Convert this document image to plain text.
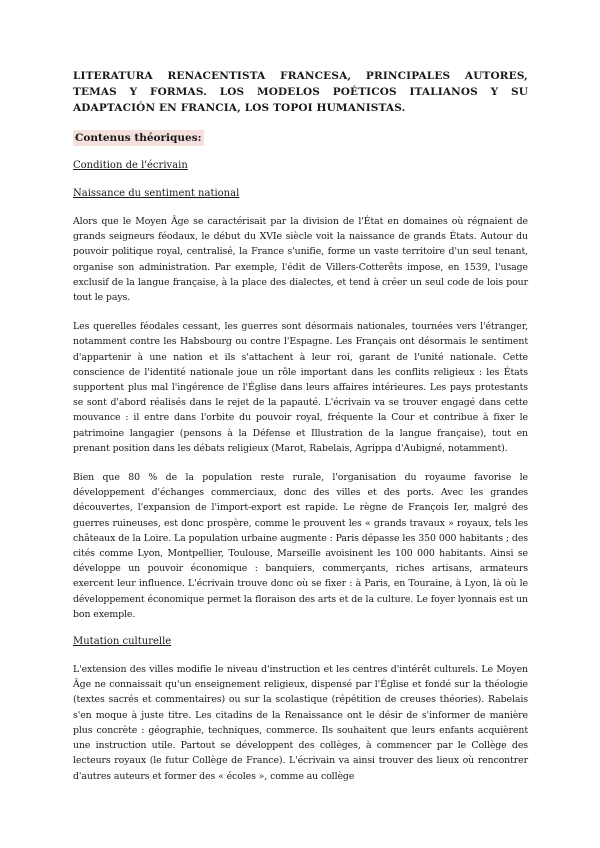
LITERATURA RENACENTISTA FRANCESA, PRINCIPALES AUTORES, TEMAS Y FORMAS. LOS MODELOS POÉTICOS ITALIANOS Y SU ADAPTACIÓN EN FRANCIA, LOS TOPOI HUMANISTAS.
Contenus théoriques:
Condition de l'écrivain
Naissance du sentiment national
Alors que le Moyen Âge se caractérisait par la division de l'État en domaines où régnaient de grands seigneurs féodaux, le début du XVIe siècle voit la naissance de grands États. Autour du pouvoir politique royal, centralisé, la France s'unifie, forme un vaste territoire d'un seul tenant, organise son administration. Par exemple, l'édit de Villers-Cotterêts impose, en 1539, l'usage exclusif de la langue française, à la place des dialectes, et tend à créer un seul code de lois pour tout le pays.
Les querelles féodales cessant, les guerres sont désormais nationales, tournées vers l'étranger, notamment contre les Habsbourg ou contre l'Espagne. Les Français ont désormais le sentiment d'appartenir à une nation et ils s'attachent à leur roi, garant de l'unité nationale. Cette conscience de l'identité nationale joue un rôle important dans les conflits religieux : les États supportent plus mal l'ingérence de l'Église dans leurs affaires intérieures. Les pays protestants se sont d'abord réalisés dans le rejet de la papauté. L'écrivain va se trouver engagé dans cette mouvance : il entre dans l'orbite du pouvoir royal, fréquente la Cour et contribue à fixer le patrimoine langagier (pensons à la Défense et Illustration de la langue française), tout en prenant position dans les débats religieux (Marot, Rabelais, Agrippa d'Aubigné, notamment).
Bien que 80 % de la population reste rurale, l'organisation du royaume favorise le développement d'échanges commerciaux, donc des villes et des ports. Avec les grandes découvertes, l'expansion de l'import-export est rapide. Le règne de François Ier, malgré des guerres ruineuses, est donc prospère, comme le prouvent les « grands travaux » royaux, tels les châteaux de la Loire. La population urbaine augmente : Paris dépasse les 350 000 habitants ; des cités comme Lyon, Montpellier, Toulouse, Marseille avoisinent les 100 000 habitants. Ainsi se développe un pouvoir économique : banquiers, commerçants, riches artisans, armateurs exercent leur influence. L'écrivain trouve donc où se fixer : à Paris, en Touraine, à Lyon, là où le développement économique permet la floraison des arts et de la culture. Le foyer lyonnais est un bon exemple.
Mutation culturelle
L'extension des villes modifie le niveau d'instruction et les centres d'intérêt culturels. Le Moyen Âge ne connaissait qu'un enseignement religieux, dispensé par l'Église et fondé sur la théologie (textes sacrés et commentaires) ou sur la scolastique (répétition de creuses théories). Rabelais s'en moque à juste titre. Les citadins de la Renaissance ont le désir de s'informer de manière plus concrète : géographie, techniques, commerce. Ils souhaitent que leurs enfants acquièrent une instruction utile. Partout se développent des collèges, à commencer par le Collège des lecteurs royaux (le futur Collège de France). L'écrivain va ainsi trouver des lieux où rencontrer d'autres auteurs et former des « écoles », comme au collège
